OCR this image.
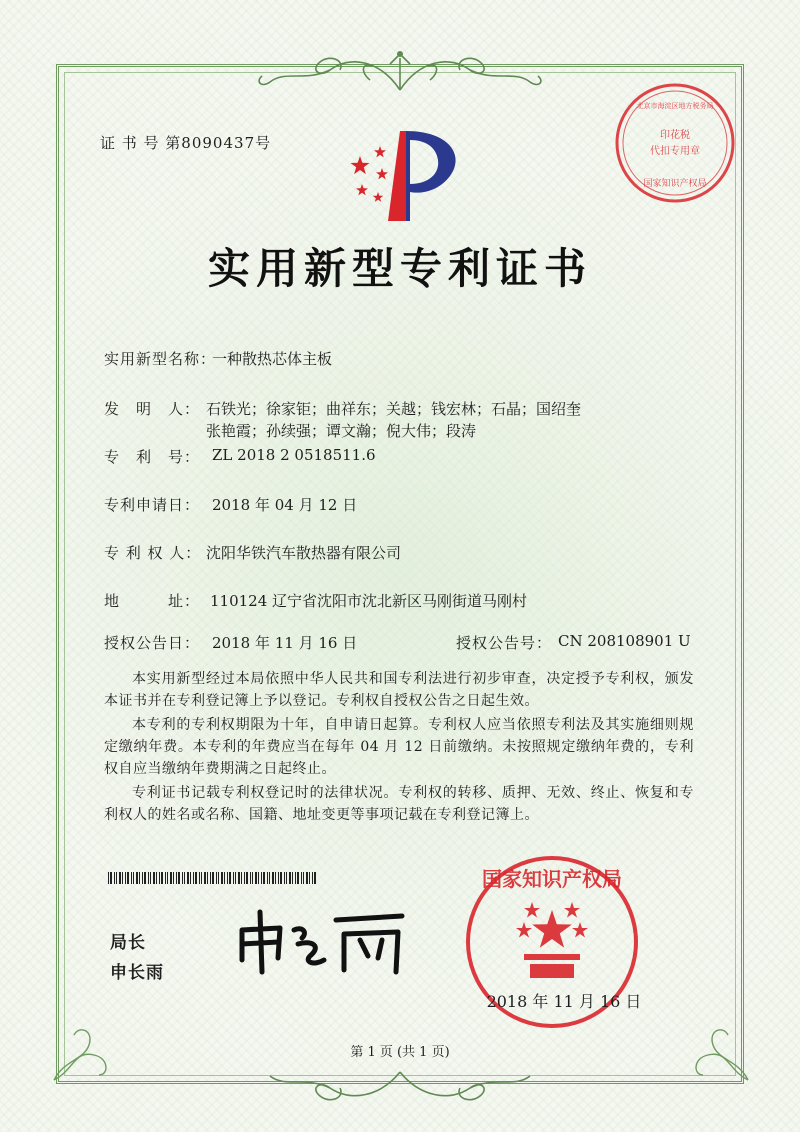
证 书 号 第8090437号	印花税
代扣专用章
北京市海淀区地方税务局
国家知识产权局
实用新型专利证书
实用新型名称：
一种散热芯体主板
发　明　人： 石铁光；徐家钜；曲祥东；关越；钱宏林；石晶；国绍奎
张艳霞；孙续强；谭文瀚；倪大伟；段涛
专　利　号： ZL 2018 2 0518511.6
专利申请日： 2018 年 04 月 12 日
专 利 权 人： 沈阳华铁汽车散热器有限公司
地　　　址： 110124 辽宁省沈阳市沈北新区马刚街道马刚村
授权公告日： 2018 年 11 月 16 日	授权公告号： CN 208108901 U
本实用新型经过本局依照中华人民共和国专利法进行初步审查，决定授予专利权，颁发本证书并在专利登记簿上予以登记。专利权自授权公告之日起生效。
本专利的专利权期限为十年，自申请日起算。专利权人应当依照专利法及其实施细则规定缴纳年费。本专利的年费应当在每年 04 月 12 日前缴纳。未按照规定缴纳年费的，专利权自应当缴纳年费期满之日起终止。
专利证书记载专利权登记时的法律状况。专利权的转移、质押、无效、终止、恢复和专利权人的姓名或名称、国籍、地址变更等事项记载在专利登记簿上。
局长
申长雨
国家知识产权局
2018 年 11 月 16 日
第 1 页 (共 1 页)
